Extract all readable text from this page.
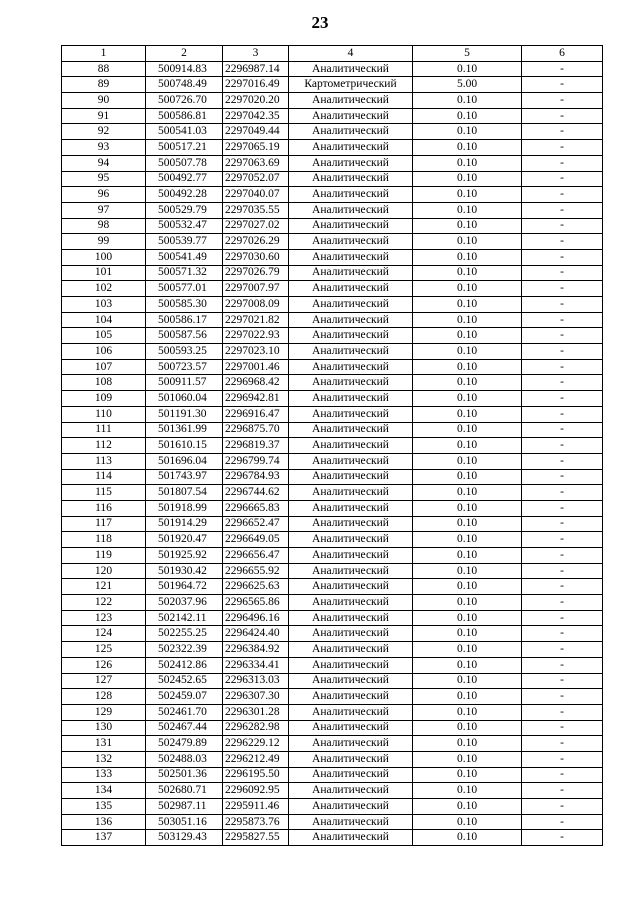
23
1	2	3	4	5	6
88	500914.83	2296987.14	Аналитический	0.10	-
89	500748.49	2297016.49	Картометрический	5.00	-
90	500726.70	2297020.20	Аналитический	0.10	-
91	500586.81	2297042.35	Аналитический	0.10	-
92	500541.03	2297049.44	Аналитический	0.10	-
93	500517.21	2297065.19	Аналитический	0.10	-
94	500507.78	2297063.69	Аналитический	0.10	-
95	500492.77	2297052.07	Аналитический	0.10	-
96	500492.28	2297040.07	Аналитический	0.10	-
97	500529.79	2297035.55	Аналитический	0.10	-
98	500532.47	2297027.02	Аналитический	0.10	-
99	500539.77	2297026.29	Аналитический	0.10	-
100	500541.49	2297030.60	Аналитический	0.10	-
101	500571.32	2297026.79	Аналитический	0.10	-
102	500577.01	2297007.97	Аналитический	0.10	-
103	500585.30	2297008.09	Аналитический	0.10	-
104	500586.17	2297021.82	Аналитический	0.10	-
105	500587.56	2297022.93	Аналитический	0.10	-
106	500593.25	2297023.10	Аналитический	0.10	-
107	500723.57	2297001.46	Аналитический	0.10	-
108	500911.57	2296968.42	Аналитический	0.10	-
109	501060.04	2296942.81	Аналитический	0.10	-
110	501191.30	2296916.47	Аналитический	0.10	-
111	501361.99	2296875.70	Аналитический	0.10	-
112	501610.15	2296819.37	Аналитический	0.10	-
113	501696.04	2296799.74	Аналитический	0.10	-
114	501743.97	2296784.93	Аналитический	0.10	-
115	501807.54	2296744.62	Аналитический	0.10	-
116	501918.99	2296665.83	Аналитический	0.10	-
117	501914.29	2296652.47	Аналитический	0.10	-
118	501920.47	2296649.05	Аналитический	0.10	-
119	501925.92	2296656.47	Аналитический	0.10	-
120	501930.42	2296655.92	Аналитический	0.10	-
121	501964.72	2296625.63	Аналитический	0.10	-
122	502037.96	2296565.86	Аналитический	0.10	-
123	502142.11	2296496.16	Аналитический	0.10	-
124	502255.25	2296424.40	Аналитический	0.10	-
125	502322.39	2296384.92	Аналитический	0.10	-
126	502412.86	2296334.41	Аналитический	0.10	-
127	502452.65	2296313.03	Аналитический	0.10	-
128	502459.07	2296307.30	Аналитический	0.10	-
129	502461.70	2296301.28	Аналитический	0.10	-
130	502467.44	2296282.98	Аналитический	0.10	-
131	502479.89	2296229.12	Аналитический	0.10	-
132	502488.03	2296212.49	Аналитический	0.10	-
133	502501.36	2296195.50	Аналитический	0.10	-
134	502680.71	2296092.95	Аналитический	0.10	-
135	502987.11	2295911.46	Аналитический	0.10	-
136	503051.16	2295873.76	Аналитический	0.10	-
137	503129.43	2295827.55	Аналитический	0.10	-
